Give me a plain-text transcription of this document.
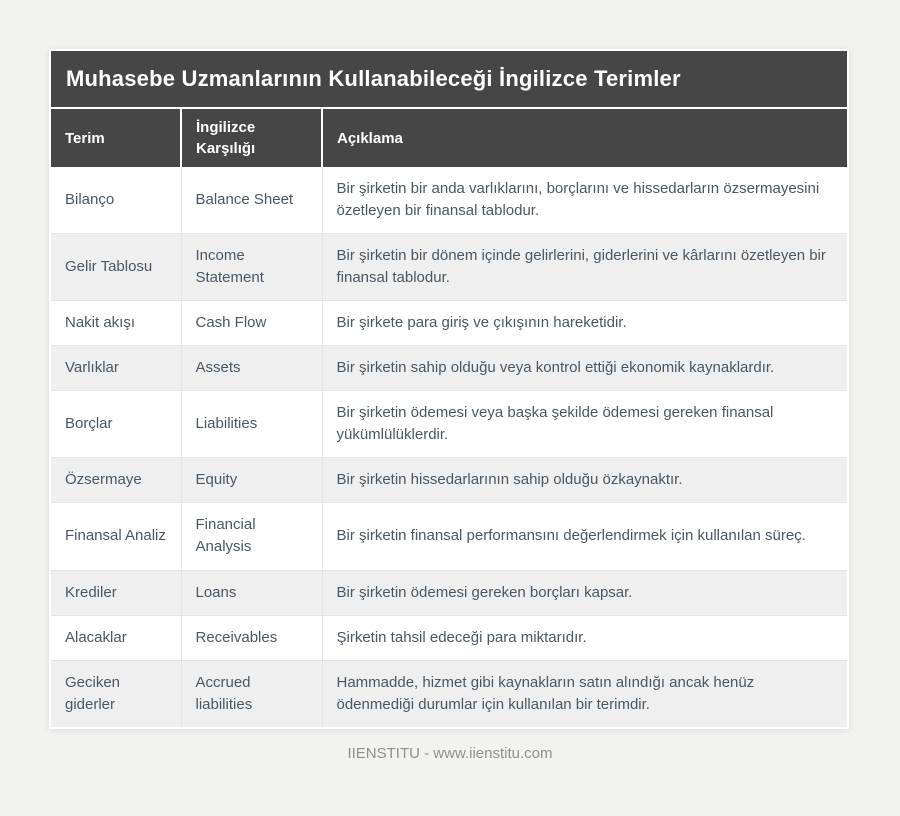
Muhasebe Uzmanlarının Kullanabileceği İngilizce Terimler
Terim	İngilizce Karşılığı	Açıklama
Bilanço	Balance Sheet	Bir şirketin bir anda varlıklarını, borçlarını ve hissedarların özsermayesini özetleyen bir finansal tablodur.
Gelir Tablosu	Income Statement	Bir şirketin bir dönem içinde gelirlerini, giderlerini ve kârlarını özetleyen bir finansal tablodur.
Nakit akışı	Cash Flow	Bir şirkete para giriş ve çıkışının hareketidir.
Varlıklar	Assets	Bir şirketin sahip olduğu veya kontrol ettiği ekonomik kaynaklardır.
Borçlar	Liabilities	Bir şirketin ödemesi veya başka şekilde ödemesi gereken finansal yükümlülüklerdir.
Özsermaye	Equity	Bir şirketin hissedarlarının sahip olduğu özkaynaktır.
Finansal Analiz	Financial Analysis	Bir şirketin finansal performansını değerlendirmek için kullanılan süreç.
Krediler	Loans	Bir şirketin ödemesi gereken borçları kapsar.
Alacaklar	Receivables	Şirketin tahsil edeceği para miktarıdır.
Geciken giderler	Accrued liabilities	Hammadde, hizmet gibi kaynakların satın alındığı ancak henüz ödenmediği durumlar için kullanılan bir terimdir.
IIENSTITU - www.iienstitu.com
